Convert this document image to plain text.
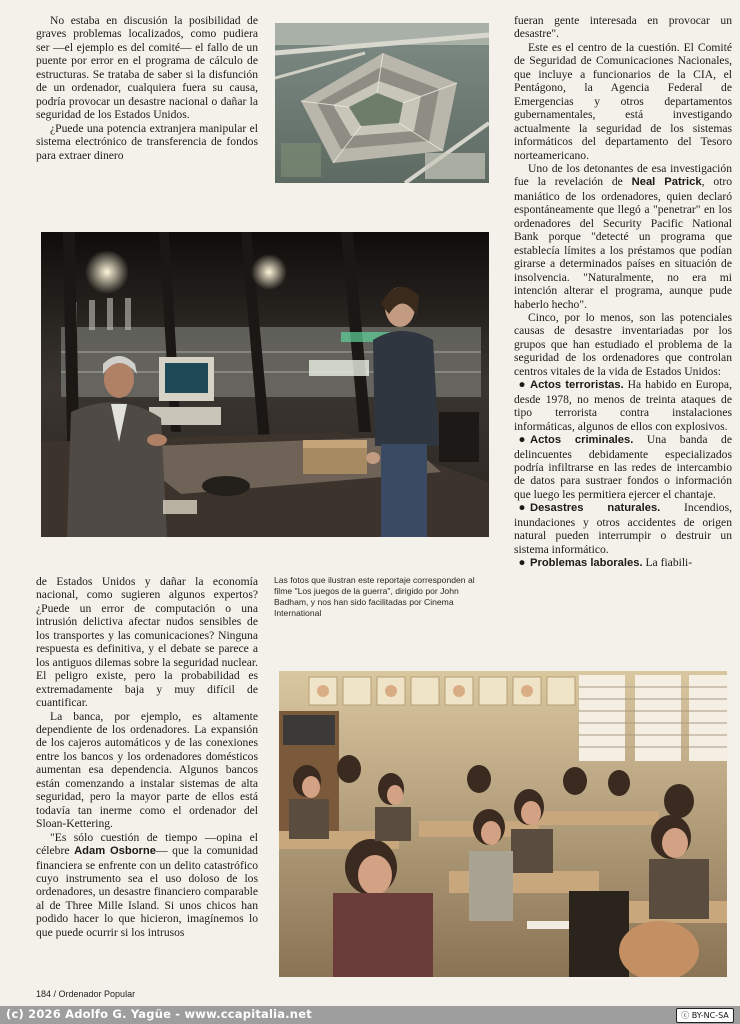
No estaba en discusión la posibilidad de graves problemas localizados, como pudiera ser —el ejemplo es del comité— el fallo de un puente por error en el programa de cálculo de estructuras. Se trataba de saber si la disfunción de un ordenador, cualquiera fuera su causa, podría provocar un desastre nacional o dañar la seguridad de los Estados Unidos.

¿Puede una potencia extranjera manipular el sistema electrónico de transferencia de fondos para extraer dinero

fueran gente interesada en provocar un desastre".

Este es el centro de la cuestión. El Comité de Seguridad de Comunicaciones Nacionales, que incluye a funcionarios de la CIA, el Pentágono, la Agencia Federal de Emergencias y otros departamentos gubernamentales, está investigando actualmente la seguridad de los sistemas informáticos del departamento del Tesoro norteamericano.

Uno de los detonantes de esa investigación fue la revelación de Neal Patrick, otro maniático de los ordenadores, quien declaró espontáneamente que llegó a "penetrar" en los ordenadores del Security Pacific National Bank porque "detecté un programa que establecía límites a los préstamos que podían girarse a determinados países en situación de insolvencia. "Naturalmente, no era mi intención alterar el programa, aunque pude haberlo hecho".

Cinco, por lo menos, son las potenciales causas de desastre inventariadas por los grupos que han estudiado el problema de la seguridad de los ordenadores que controlan centros vitales de la vida de Estados Unidos:

● Actos terroristas. Ha habido en Europa, desde 1978, no menos de treinta ataques de tipo terrorista contra instalaciones informáticas, algunos de ellos con explosivos.

● Actos criminales. Una banda de delincuentes debidamente especializados podría infiltrarse en las redes de intercambio de datos para sustraer fondos o información que luego les permitiera ejercer el chantaje.

● Desastres naturales. Incendios, inundaciones y otros accidentes de origen natural pueden interrumpir o destruir un sistema informático.

● Problemas laborales. La fiabili-

Las fotos que ilustran este reportaje corresponden al filme "Los juegos de la guerra", dirigido por John Badham, y nos han sido facilitadas por Cinema International

de Estados Unidos y dañar la economía nacional, como sugieren algunos expertos? ¿Puede un error de computación o una intrusión delictiva afectar nudos sensibles de los transportes y las comunicaciones? Ninguna respuesta es definitiva, y el debate se parece a los antiguos dilemas sobre la seguridad nuclear. El peligro existe, pero la probabilidad es extremadamente baja y muy difícil de cuantificar.

La banca, por ejemplo, es altamente dependiente de los ordenadores. La expansión de los cajeros automáticos y de las conexiones entre los bancos y los ordenadores domésticos aumentan esa dependencia. Algunos bancos están comenzando a instalar sistemas de alta seguridad, pero la mayor parte de ellos está todavía tan inerme como el ordenador del Sloan-Kettering.

"Es sólo cuestión de tiempo —opina el célebre Adam Osborne— que la comunidad financiera se enfrente con un delito catastrófico cuyo instrumento sea el uso doloso de los ordenadores, un desastre financiero comparable al de Three Mille Island. Si unos chicos han podido hacer lo que hicieron, imagínemos lo que puede ocurrir si los intrusos

184 / Ordenador Popular
(c) 2026 Adolfo G. Yagüe - www.ccapitalia.net	ⓒ BY-NC-SA
